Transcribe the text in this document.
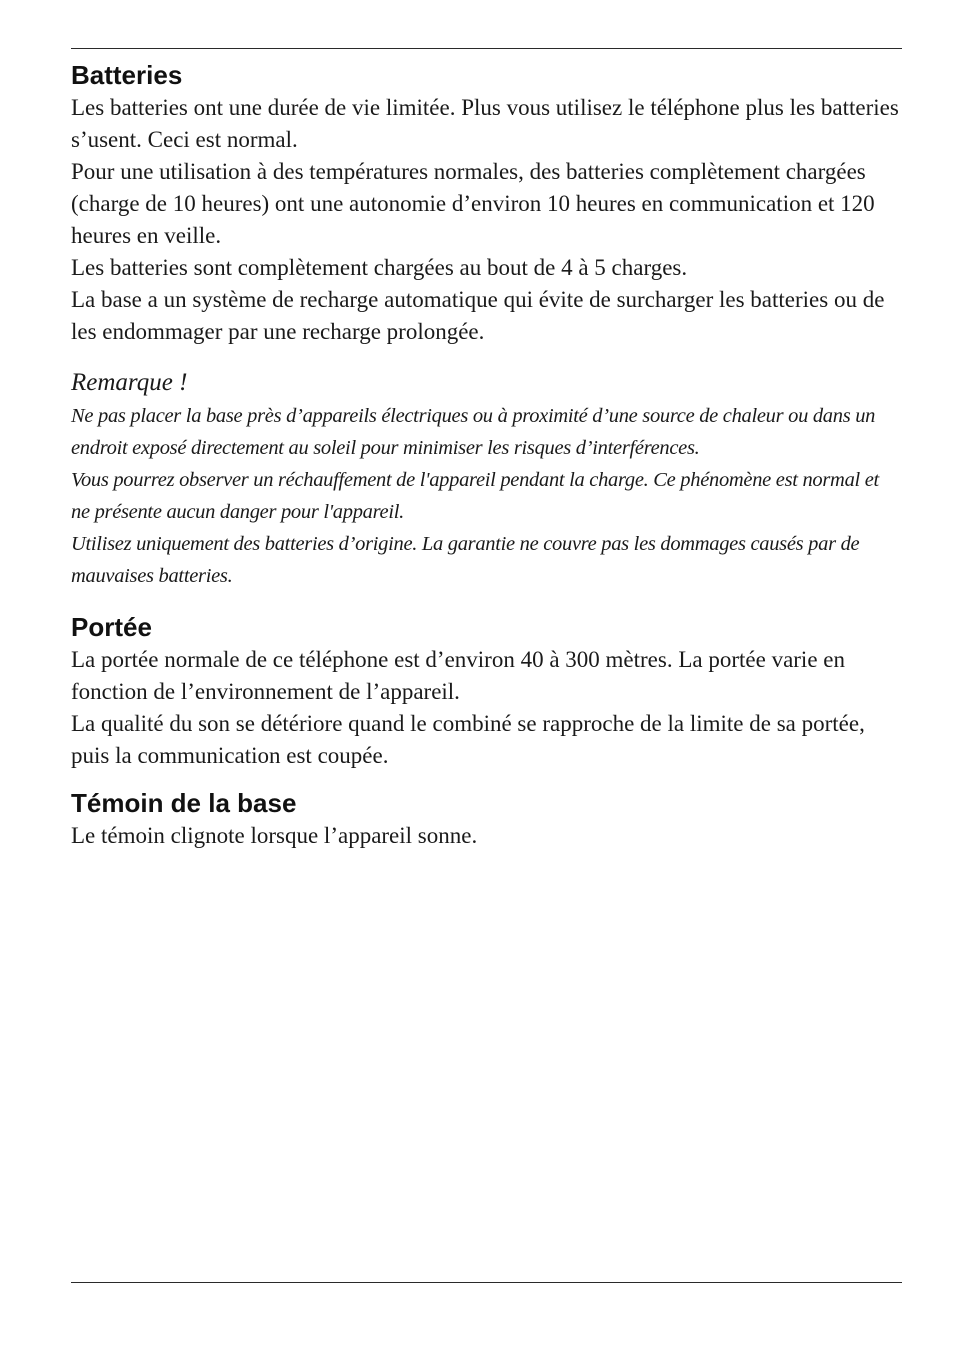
Batteries

Les batteries ont une durée de vie limitée. Plus vous utilisez le téléphone plus les batteries s’usent. Ceci est normal.

Pour une utilisation à des températures normales, des batteries complètement chargées (charge de 10 heures) ont une autonomie d’environ 10 heures en communication et 120 heures en veille.

Les batteries sont complètement chargées au bout de 4 à 5 charges.

La base a un système de recharge automatique qui évite de surcharger les batteries ou de les endommager par une recharge prolongée.

Remarque !

Ne pas placer la base près d’appareils électriques ou à proximité d’une source de chaleur ou dans un endroit exposé directement au soleil pour minimiser les risques d’interférences.

Vous pourrez observer un réchauffement de l'appareil pendant la charge. Ce phénomène est normal et ne présente aucun danger pour l'appareil.

Utilisez uniquement des batteries d’origine. La garantie ne couvre pas les dommages causés par de mauvaises batteries.

Portée

La portée normale de ce téléphone est d’environ 40 à 300 mètres. La portée varie en fonction de l’environnement de l’appareil.

La qualité du son se détériore quand le combiné se rapproche de la limite de sa portée, puis la communication est coupée.

Témoin de la base

Le témoin clignote lorsque l’appareil sonne.
